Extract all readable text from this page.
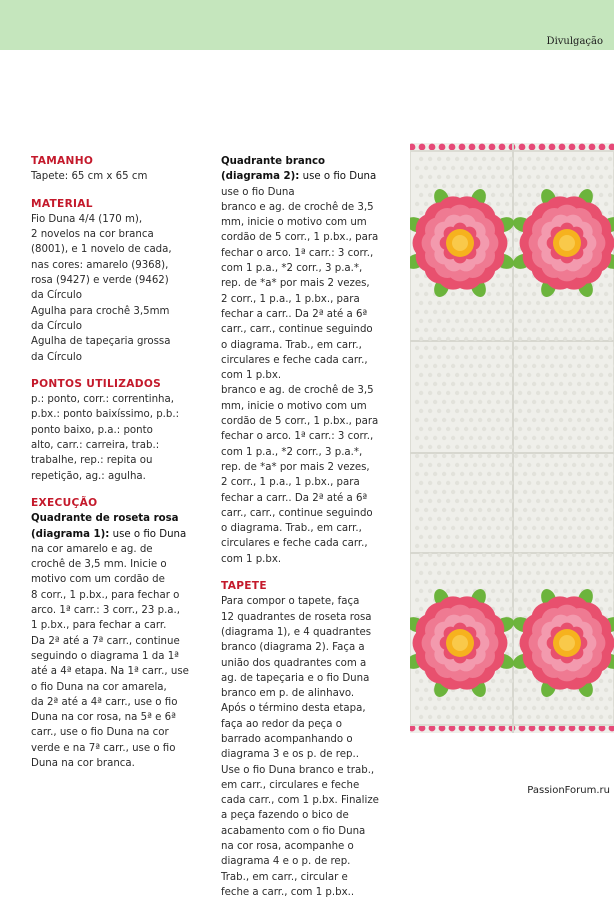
Divulgação
TAMANHO

Tapete: 65 cm x 65 cm

MATERIAL
Fio Duna 4/4 (170 m),
2 novelos na cor branca
(8001), e 1 novelo de cada,
nas cores: amarelo (9368),
rosa (9427) e verde (9462)
da Círculo
Agulha para crochê 3,5mm
da Círculo
Agulha de tapeçaria grossa
da Círculo
PONTOS UTILIZADOS
p.: ponto, corr.: correntinha,
p.bx.: ponto baixíssimo, p.b.:
ponto baixo, p.a.: ponto
alto, carr.: carreira, trab.:
trabalhe, rep.: repita ou
repetição, ag.: agulha.
EXECUÇÃO
Quadrante de roseta rosa
(diagrama 1): use o fio Duna
na cor amarelo e ag. de
crochê de 3,5 mm. Inicie o
motivo com um cordão de
8 corr., 1 p.bx., para fechar o
arco. 1ª carr.: 3 corr., 23 p.a.,
1 p.bx., para fechar a carr.
Da 2ª até a 7ª carr., continue
seguindo o diagrama 1 da 1ª
até a 4ª etapa. Na 1ª carr., use
o fio Duna na cor amarela,
da 2ª até a 4ª carr., use o fio
Duna na cor rosa, na 5ª e 6ª
carr., use o fio Duna na cor
verde e na 7ª carr., use o fio
Duna na cor branca.
Quadrante branco
(diagrama 2): use o fio Duna
use o fio Duna
branco e ag. de crochê de 3,5
mm, inicie o motivo com um
cordão de 5 corr., 1 p.bx., para
fechar o arco. 1ª carr.: 3 corr.,
com 1 p.a., *2 corr., 3 p.a.*,
rep. de *a* por mais 2 vezes,
2 corr., 1 p.a., 1 p.bx., para
fechar a carr.. Da 2ª até a 6ª
carr., carr., continue seguindo
o diagrama. Trab., em carr.,
circulares e feche cada carr.,
com 1 p.bx.
branco e ag. de crochê de 3,5
mm, inicie o motivo com um
cordão de 5 corr., 1 p.bx., para
fechar o arco. 1ª carr.: 3 corr.,
com 1 p.a., *2 corr., 3 p.a.*,
rep. de *a* por mais 2 vezes,
2 corr., 1 p.a., 1 p.bx., para
fechar a carr.. Da 2ª até a 6ª
carr., carr., continue seguindo
o diagrama. Trab., em carr.,
circulares e feche cada carr.,
com 1 p.bx.
TAPETE
Para compor o tapete, faça
12 quadrantes de roseta rosa
(diagrama 1), e 4 quadrantes
branco (diagrama 2). Faça a
união dos quadrantes com a
ag. de tapeçaria e o fio Duna
branco em p. de alinhavo.
Após o término desta etapa,
faça ao redor da peça o
barrado acompanhando o
diagrama 3 e os p. de rep..
Use o fio Duna branco e trab.,
em carr., circulares e feche
cada carr., com 1 p.bx. Finalize
a peça fazendo o bico de
acabamento com o fio Duna
na cor rosa, acompanhe o
diagrama 4 e o p. de rep.
Trab., em carr., circular e
feche a carr., com 1 p.bx..
PassionForum.ru
